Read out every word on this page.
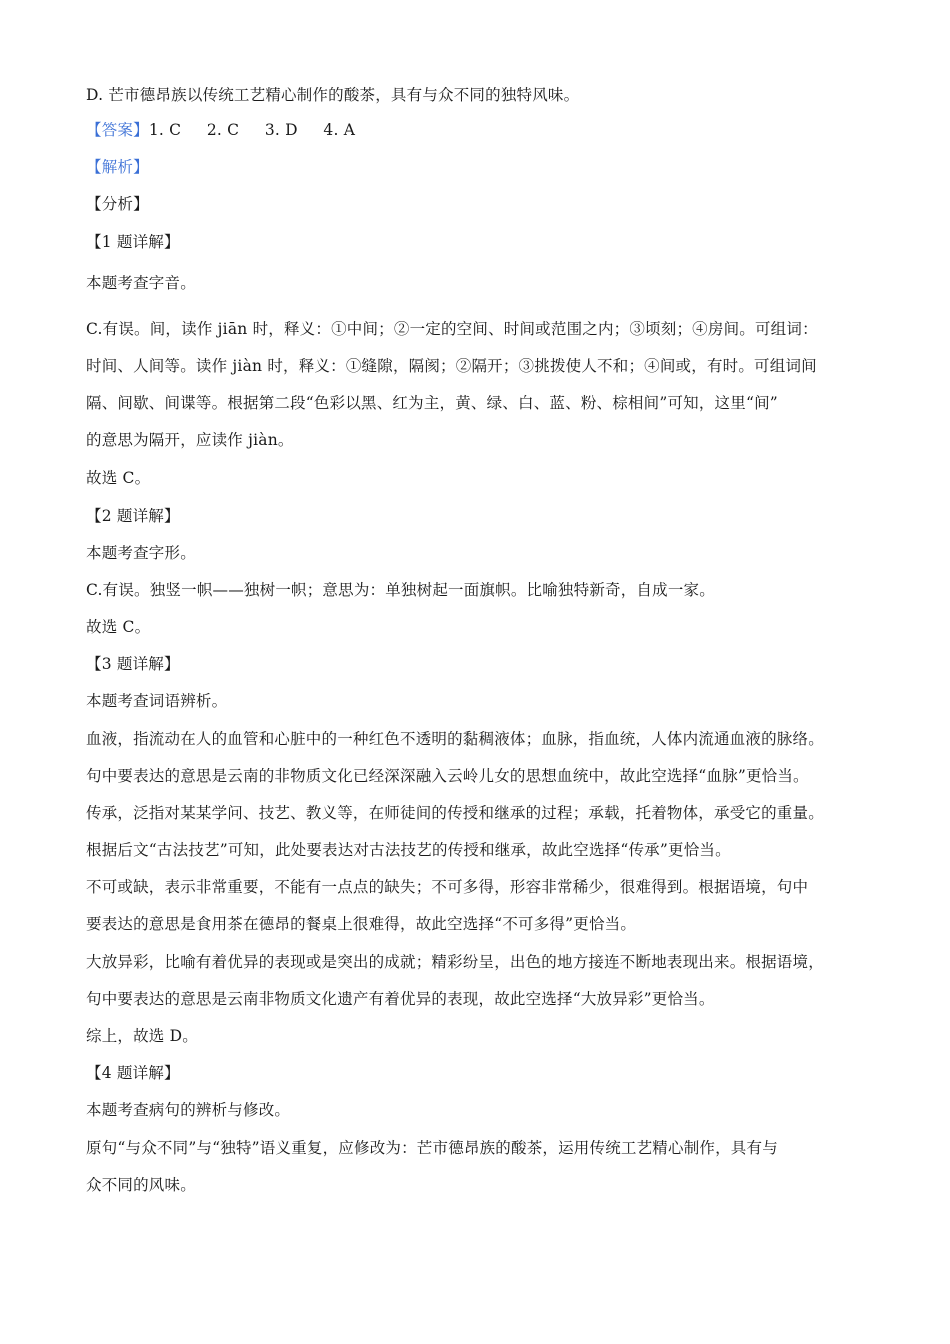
D. 芒市德昂族以传统工艺精心制作的酸茶，具有与众不同的独特风味。
【答案】1. C     2. C     3. D     4. A
【解析】
【分析】
【1 题详解】
本题考查字音。
C.有误。间，读作 jiān 时，释义：①中间；②一定的空间、时间或范围之内；③顷刻；④房间。可组词：
时间、人间等。读作 jiàn 时，释义：①缝隙，隔阂；②隔开；③挑拨使人不和；④间或，有时。可组词间
隔、间歇、间谍等。根据第二段“色彩以黑、红为主，黄、绿、白、蓝、粉、棕相间”可知，这里“间”
的意思为隔开，应读作 jiàn。
故选 C。
【2 题详解】
本题考查字形。
C.有误。独竖一帜——独树一帜；意思为：单独树起一面旗帜。比喻独特新奇，自成一家。
故选 C。
【3 题详解】
本题考查词语辨析。
血液，指流动在人的血管和心脏中的一种红色不透明的黏稠液体；血脉，指血统，人体内流通血液的脉络。
句中要表达的意思是云南的非物质文化已经深深融入云岭儿女的思想血统中，故此空选择“血脉”更恰当。
传承，泛指对某某学问、技艺、教义等，在师徒间的传授和继承的过程；承载，托着物体，承受它的重量。
根据后文“古法技艺”可知，此处要表达对古法技艺的传授和继承，故此空选择“传承”更恰当。
不可或缺，表示非常重要，不能有一点点的缺失；不可多得，形容非常稀少，很难得到。根据语境，句中
要表达的意思是食用茶在德昂的餐桌上很难得，故此空选择“不可多得”更恰当。
大放异彩，比喻有着优异的表现或是突出的成就；精彩纷呈，出色的地方接连不断地表现出来。根据语境，
句中要表达的意思是云南非物质文化遗产有着优异的表现，故此空选择“大放异彩”更恰当。
综上，故选 D。
【4 题详解】
本题考查病句的辨析与修改。
原句“与众不同”与“独特”语义重复，应修改为：芒市德昂族的酸茶，运用传统工艺精心制作，具有与
众不同的风味。
